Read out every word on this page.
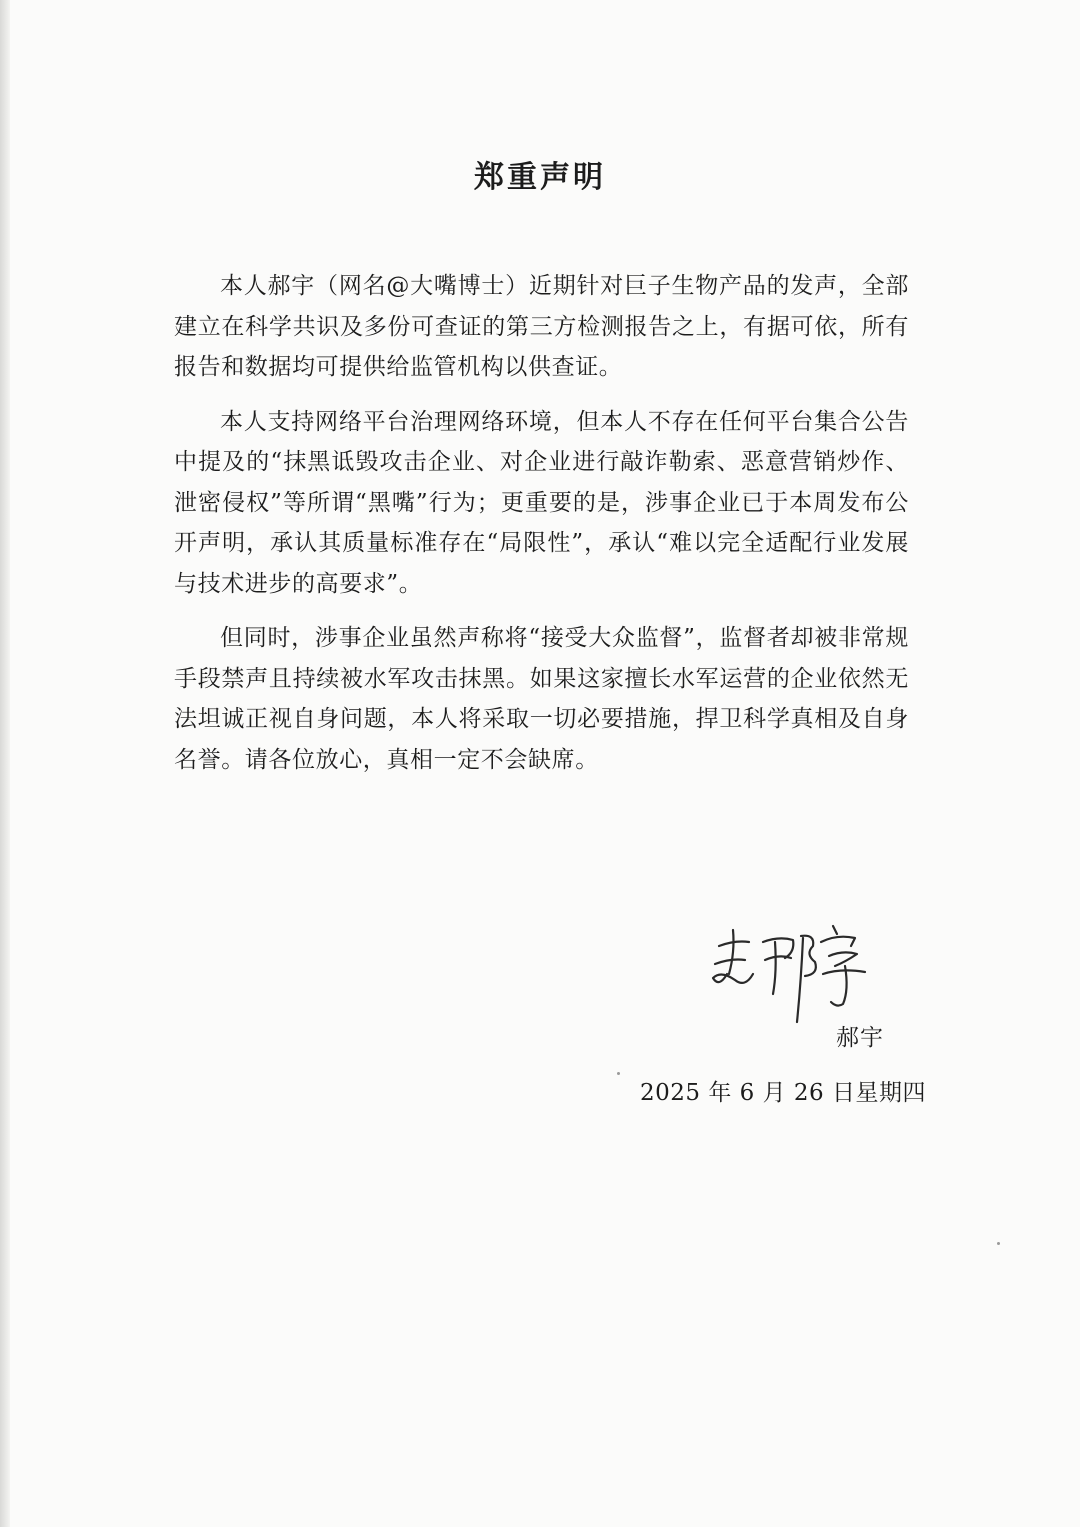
郑重声明

本人郝宇（网名@大嘴博士）近期针对巨子生物产品的发声，全部建立在科学共识及多份可查证的第三方检测报告之上，有据可依，所有报告和数据均可提供给监管机构以供查证。

本人支持网络平台治理网络环境，但本人不存在任何平台集合公告中提及的“抹黑诋毁攻击企业、对企业进行敲诈勒索、恶意营销炒作、泄密侵权”等所谓“黑嘴”行为；更重要的是，涉事企业已于本周发布公开声明，承认其质量标准存在“局限性”，承认“难以完全适配行业发展与技术进步的高要求”。

但同时，涉事企业虽然声称将“接受大众监督”，监督者却被非常规手段禁声且持续被水军攻击抹黑。如果这家擅长水军运营的企业依然无法坦诚正视自身问题，本人将采取一切必要措施，捍卫科学真相及自身名誉。请各位放心，真相一定不会缺席。

郝宇
2025 年 6 月 26 日星期四
